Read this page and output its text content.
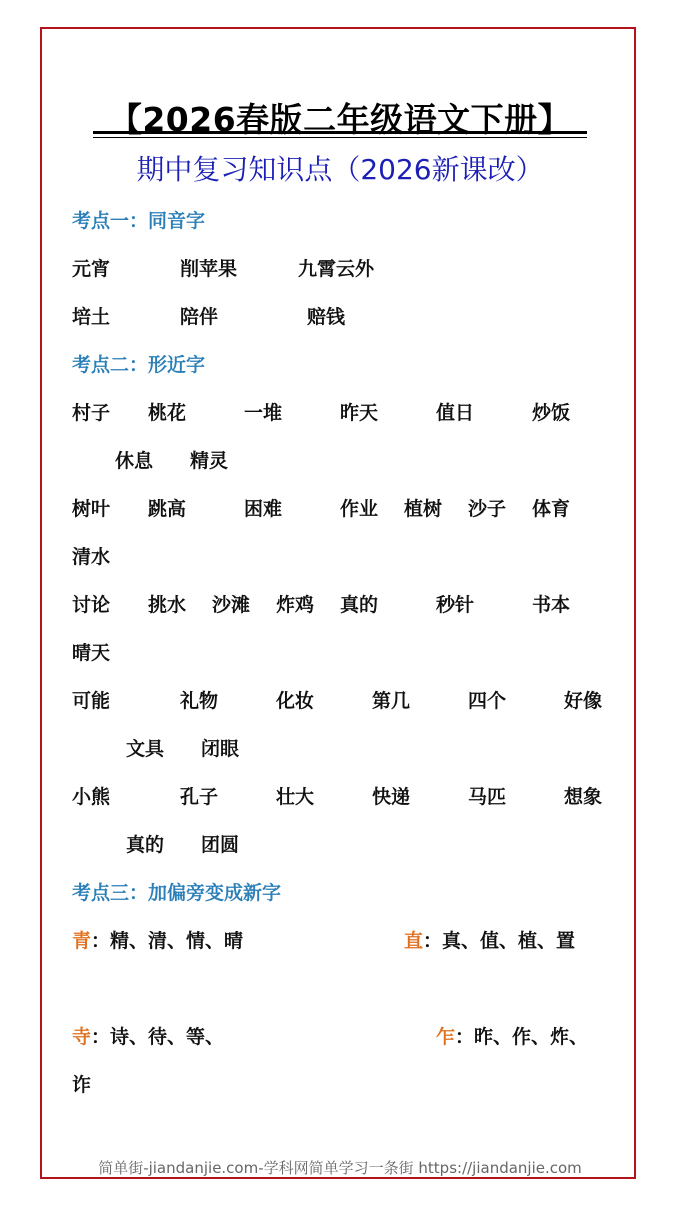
【2026春版二年级语文下册】
期中复习知识点（2026新课改）
考点一：同音字
元宵	削苹果	九霄云外
培土	陪伴	赔钱
考点二：形近字
村子 桃花	一堆	昨天	值日	炒饭
休息 精灵
树叶 跳高	困难	作业 植树 沙子 体育
清水
讨论 挑水 沙滩 炸鸡 真的	秒针	书本
晴天
可能	礼物	化妆	第几	四个	好像
文具 闭眼
小熊	孔子	壮大	快递	马匹	想象
真的 团圆
考点三：加偏旁变成新字
青：精、清、情、晴	直：真、值、植、置
寺：诗、待、等、	乍：昨、作、炸、
诈
简单街-jiandanjie.com-学科网简单学习一条街 https://jiandanjie.com
